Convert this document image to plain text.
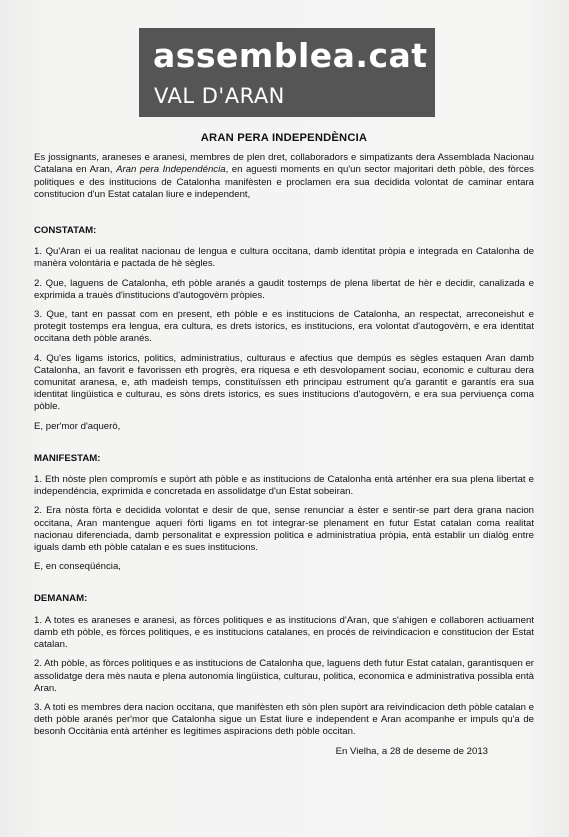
assemblea.cat
VAL D'ARAN
ARAN PERA INDEPENDÈNCIA

Es jossignants, araneses e aranesi, membres de plen dret, collaboradors e simpatizants dera Assemblada Nacionau Catalana en Aran, Aran pera Independéncia, en aguesti moments en qu'un sector majoritari deth pòble, des fòrces politiques e des institucions de Catalonha manifèsten e proclamen era sua decidida volontat de caminar entara constitucion d'un Estat catalan liure e independent,

CONSTATAM:

1. Qu'Aran ei ua realitat nacionau de lengua e cultura occitana, damb identitat pròpia e integrada en Catalonha de manèra volontària e pactada de hè sègles.

2. Que, laguens de Catalonha, eth pòble aranés a gaudit tostemps de plena libertat de hèr e decidir, canalizada e exprimida a trauès d'institucions d'autogovèrn pròpies.

3. Que, tant en passat com en present, eth pòble e es institucions de Catalonha, an respectat, arreconeishut e protegit tostemps era lengua, era cultura, es drets istorics, es institucions, era volontat d'autogovèrn, e era identitat occitana deth pòble aranés.

4. Qu'es ligams istorics, politics, administratius, culturaus e afectius que dempús es sègles estaquen Aran damb Catalonha, an favorit e favorissen eth progrès, era riquesa e eth desvolopament sociau, economic e culturau dera comunitat aranesa, e, ath madeish temps, constituïssen eth principau estrument qu'a garantit e garantís era sua identitat lingüistica e culturau, es sòns drets istorics, es sues institucions d'autogovèrn, e era sua perviuença coma pòble.

E, per'mor d'aquerò,

MANIFESTAM:

1. Eth nòste plen compromís e supòrt ath pòble e as institucions de Catalonha entà arténher era sua plena libertat e independéncia, exprimida e concretada en assolidatge d'un Estat sobeiran.

2. Era nòsta fòrta e decidida volontat e desir de que, sense renunciar a èster e sentir-se part dera grana nacion occitana, Aran mantengue aqueri fòrti ligams en tot integrar-se plenament en futur Estat catalan coma realitat nacionau diferenciada, damb personalitat e expression politica e administratiua pròpia, entà establir un dialòg entre iguals damb eth pòble catalan e es sues institucions.

E, en conseqüéncia,

DEMANAM:

1. A totes es araneses e aranesi, as fòrces politiques e as institucions d'Aran, que s'ahigen e collaboren actiuament damb eth pòble, es fòrces politiques, e es institucions catalanes, en procés de reivindicacion e constitucion der Estat catalan.

2. Ath pòble, as fòrces politiques e as institucions de Catalonha que, laguens deth futur Estat catalan, garantisquen er assolidatge dera mès nauta e plena autonomia lingüistica, culturau, politica, economica e administrativa possibla entà Aran.

3. A toti es membres dera nacion occitana, que manifèsten eth sòn plen supòrt ara reivindicacion deth pòble catalan e deth pòble aranés per'mor que Catalonha sigue un Estat liure e independent e Aran acompanhe er impuls qu'a de besonh Occitània entà arténher es legitimes aspiracions deth pòble occitan.

En Vielha, a 28 de deseme de 2013
